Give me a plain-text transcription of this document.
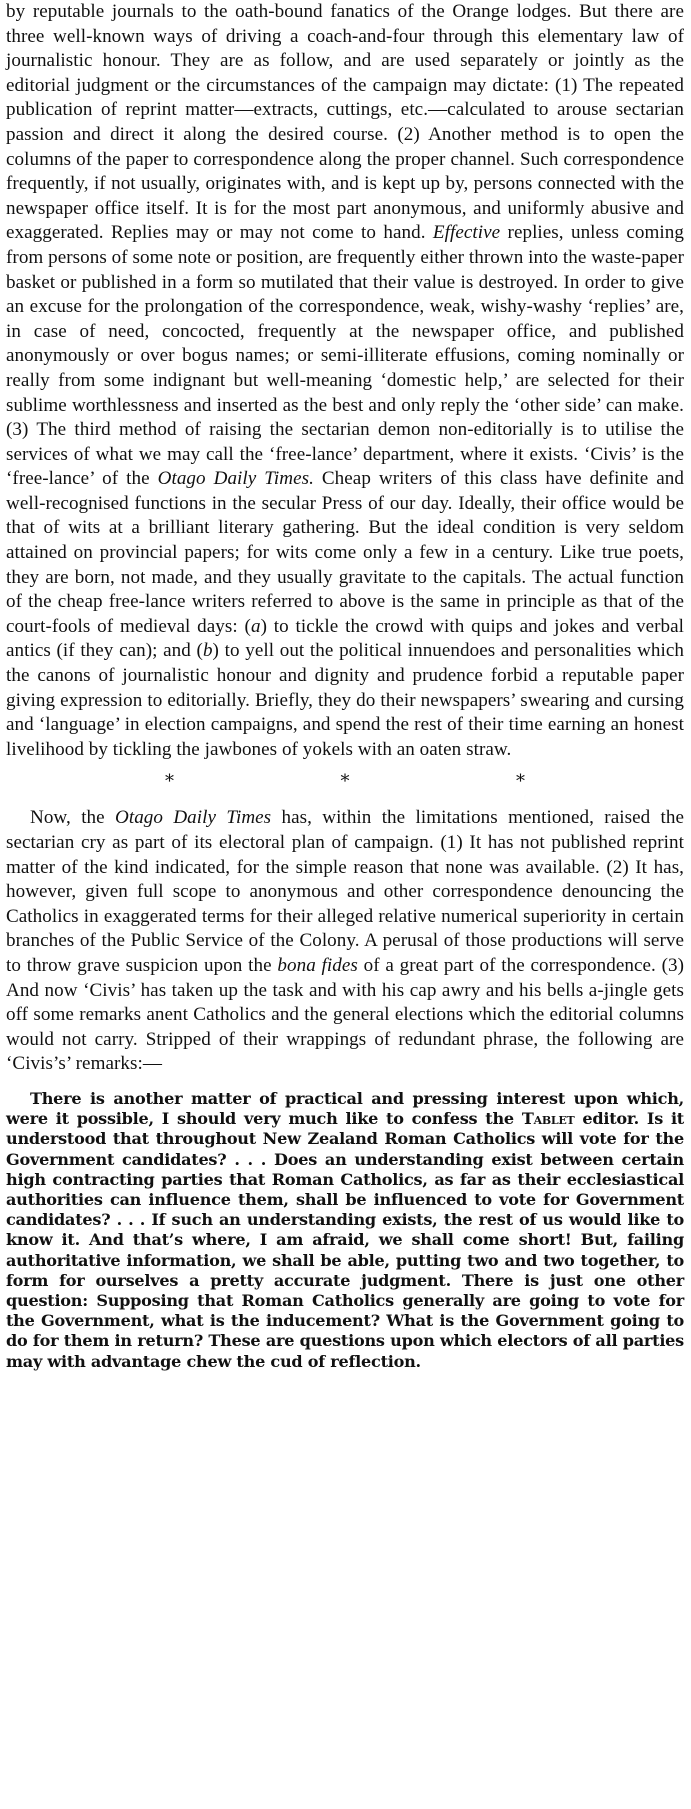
by reputable journals to the oath-bound fanatics of the Orange lodges. But there are three well-known ways of driving a coach-and-four through this elementary law of journalistic honour. They are as follow, and are used separately or jointly as the editorial judgment or the circumstances of the campaign may dictate: (1) The repeated publication of reprint matter—extracts, cuttings, etc.—calculated to arouse sectarian passion and direct it along the desired course. (2) Another method is to open the columns of the paper to correspondence along the proper channel. Such correspondence frequently, if not usually, originates with, and is kept up by, persons connected with the newspaper office itself. It is for the most part anonymous, and uniformly abusive and exaggerated. Replies may or may not come to hand. Effective replies, unless coming from persons of some note or position, are frequently either thrown into the waste-paper basket or published in a form so mutilated that their value is destroyed. In order to give an excuse for the prolongation of the correspondence, weak, wishy-washy ‘replies’ are, in case of need, concocted, frequently at the newspaper office, and published anonymously or over bogus names; or semi-illiterate effusions, coming nominally or really from some indignant but well-meaning ‘domestic help,’ are selected for their sublime worthlessness and inserted as the best and only reply the ‘other side’ can make. (3) The third method of raising the sectarian demon non-editorially is to utilise the services of what we may call the ‘free-lance’ department, where it exists. ‘Civis’ is the ‘free-lance’ of the Otago Daily Times. Cheap writers of this class have definite and well-recognised functions in the secular Press of our day. Ideally, their office would be that of wits at a brilliant literary gathering. But the ideal condition is very seldom attained on provincial papers; for wits come only a few in a century. Like true poets, they are born, not made, and they usually gravitate to the capitals. The actual function of the cheap free-lance writers referred to above is the same in principle as that of the court-fools of medieval days: (a) to tickle the crowd with quips and jokes and verbal antics (if they can); and (b) to yell out the political innuendoes and personalities which the canons of journalistic honour and dignity and prudence forbid a reputable paper giving expression to editorially. Briefly, they do their newspapers’ swearing and cursing and ‘language’ in election campaigns, and spend the rest of their time earning an honest livelihood by tickling the jawbones of yokels with an oaten straw.

*	*	*

Now, the Otago Daily Times has, within the limitations mentioned, raised the sectarian cry as part of its electoral plan of campaign. (1) It has not published reprint matter of the kind indicated, for the simple reason that none was available. (2) It has, however, given full scope to anonymous and other correspondence denouncing the Catholics in exaggerated terms for their alleged relative numerical superiority in certain branches of the Public Service of the Colony. A perusal of those productions will serve to throw grave suspicion upon the bona fides of a great part of the correspondence. (3) And now ‘Civis’ has taken up the task and with his cap awry and his bells a-jingle gets off some remarks anent Catholics and the general elections which the editorial columns would not carry. Stripped of their wrappings of redundant phrase, the following are ‘Civis’s’ remarks:—

There is another matter of practical and pressing interest upon which, were it possible, I should very much like to confess the Tablet editor. Is it understood that throughout New Zealand Roman Catholics will vote for the Government candidates? . . . Does an understanding exist between certain high contracting parties that Roman Catholics, as far as their ecclesiastical authorities can influence them, shall be influenced to vote for Government candidates? . . . If such an understanding exists, the rest of us would like to know it. And that’s where, I am afraid, we shall come short! But, failing authoritative information, we shall be able, putting two and two together, to form for ourselves a pretty accurate judgment. There is just one other question: Supposing that Roman Catholics generally are going to vote for the Government, what is the inducement? What is the Government going to do for them in return? These are questions upon which electors of all parties may with advantage chew the cud of reflection.
